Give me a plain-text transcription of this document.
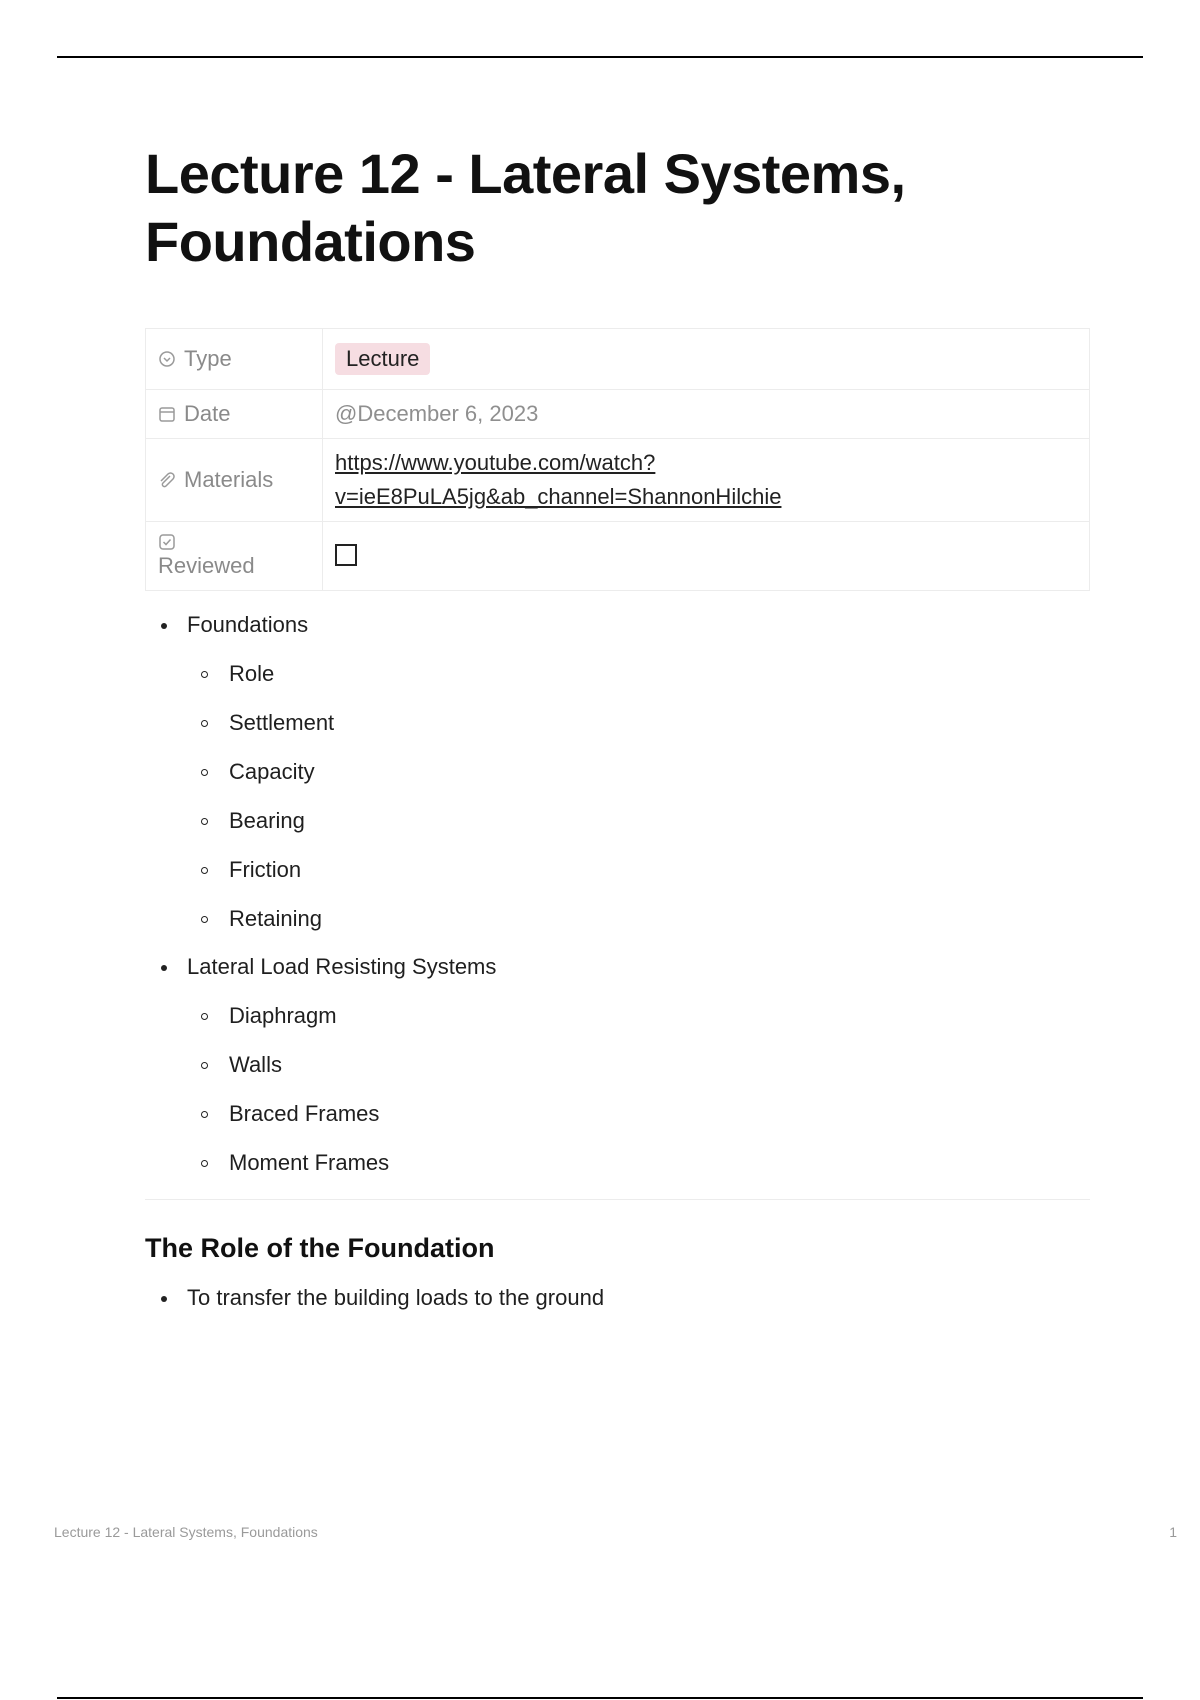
Lecture 12 - Lateral Systems, Foundations
Type	Lecture
Date	@December 6, 2023
Materials	https://www.youtube.com/watch?
v=ieE8PuLA5jg&ab_channel=ShannonHilchie

Reviewed	
Foundations
Role
Settlement
Capacity
Bearing
Friction
Retaining
Lateral Load Resisting Systems
Diaphragm
Walls
Braced Frames
Moment Frames
The Role of the Foundation
To transfer the building loads to the ground
Lecture 12 - Lateral Systems, Foundations	1
